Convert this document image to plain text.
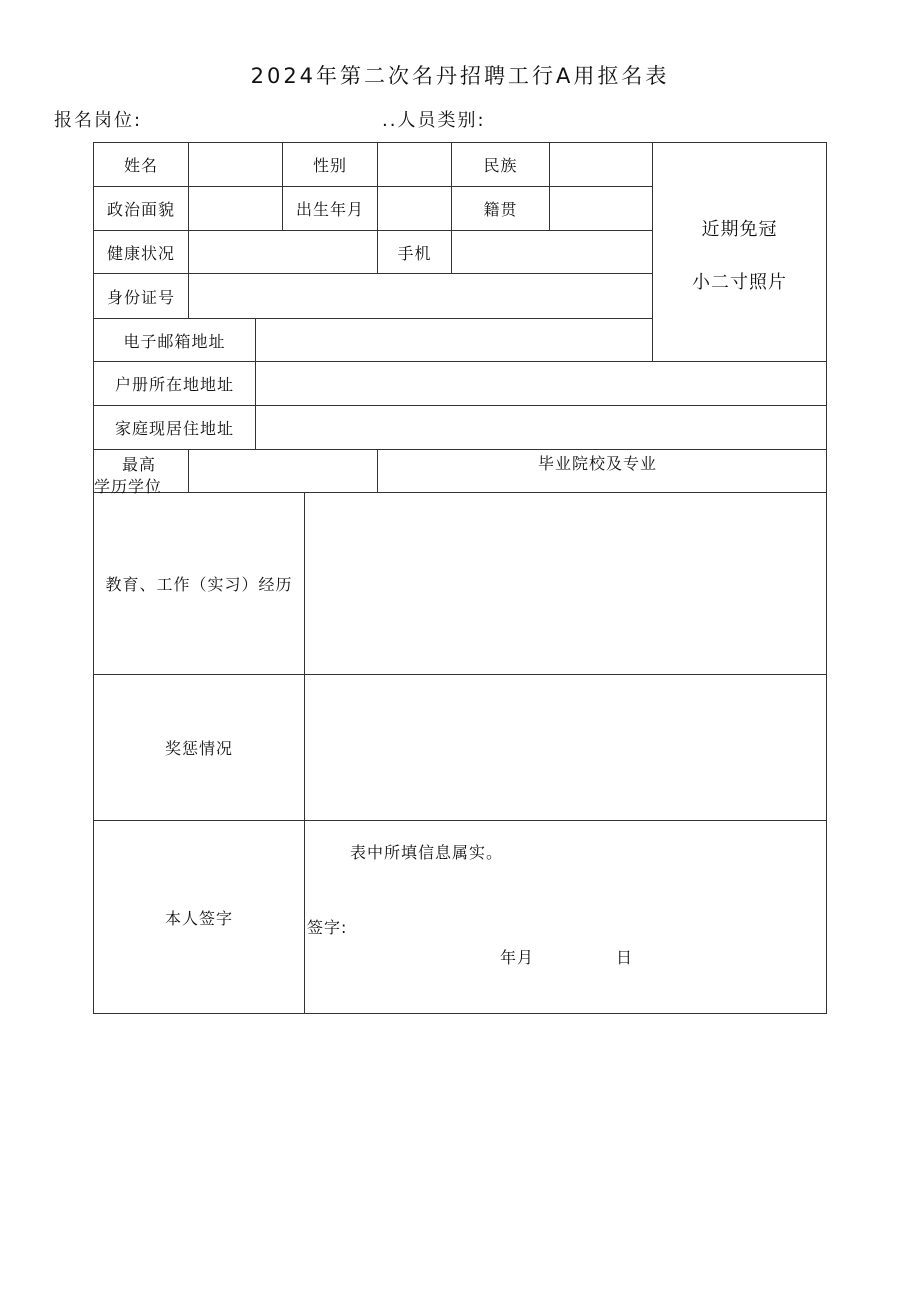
2024年第二次名丹招聘工行A用抠名表
报名岗位:	..人员类别:
姓名	性别	民族
政治面貌	出生年月	籍贯
健康状况	手机
身份证号
近期免冠
小二寸照片
电子邮箱地址
户册所在地地址
家庭现居住地址
最高
学历学位
毕业院校及专业
教育、工作（实习）经历
奖惩情况
本人签字
表中所填信息属实。
签字:
年月	日
